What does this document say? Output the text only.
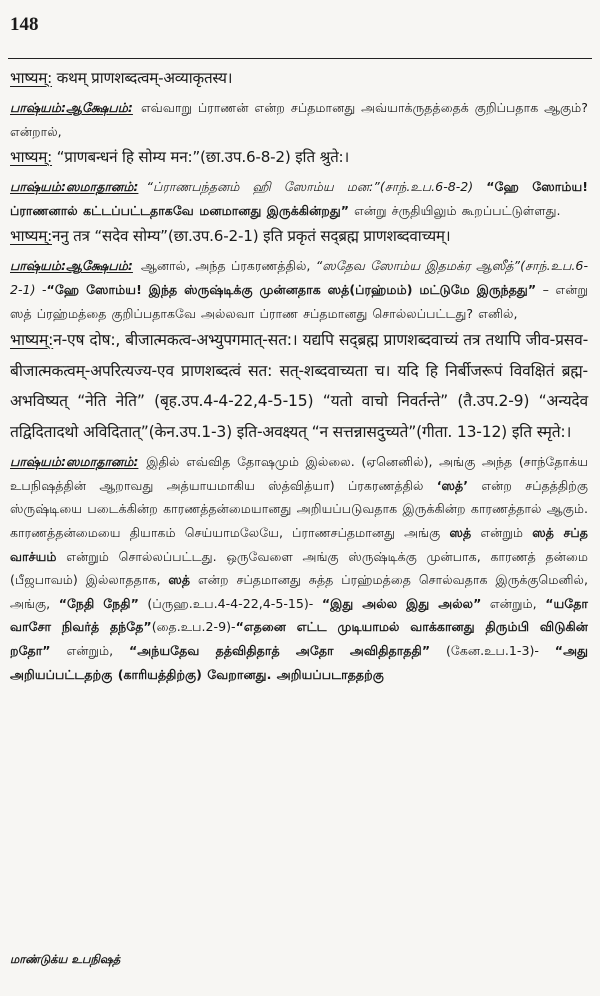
148

भाष्यम्: कथम् प्राणशब्दत्वम्-अव्याकृतस्य।

பாஷ்யம்:ஆக்ஷேபம்: எவ்வாறு ப்ராணன் என்ற சப்தமானது அவ்யாக்ருதத்தைக் குறிப்பதாக ஆகும்? என்றால்,

भाष्यम्: “प्राणबन्धनं हि सोम्य मन:”(छा.उप.6-8-2) इति श्रुते:।

பாஷ்யம்:ஸமாதானம்: “ப்ராணபந்தனம் ஹி ஸோம்ய மன:”(சாந்.உப.6-8-2) “ஹே ஸோம்ய! ப்ராணனால் கட்டப்பட்டதாகவே மனமானது இருக்கின்றது” என்று ச்ருதியிலும் கூறப்பட்டுள்ளது.

भाष्यम्:ननु तत्र “सदेव सोम्य”(छा.उप.6-2-1) इति प्रकृतं सद्ब्रह्म प्राणशब्दवाच्यम्।

பாஷ்யம்:ஆக்ஷேபம்: ஆனால், அந்த ப்ரகரணத்தில், “ஸதேவ ஸோம்ய இதமக்ர ஆஸீத்”(சாந்.உப.6-2-1) -“ஹே ஸோம்ய! இந்த ஸ்ருஷ்டிக்கு முன்னதாக ஸத்(ப்ரஹ்மம்) மட்டுமே இருந்தது” – என்று ஸத் ப்ரஹ்மத்தை குறிப்பதாகவே அல்லவா ப்ராண சப்தமானது சொல்லப்பட்டது? எனில்,

भाष्यम्:न-एष दोष:, बीजात्मकत्व-अभ्युपगमात्-सत:। यद्यपि सद्ब्रह्म प्राणशब्दवाच्यं तत्र तथापि जीव-प्रसव-बीजात्मकत्वम्-अपरित्यज्य-एव प्राणशब्दत्वं सत: सत्-शब्दवाच्यता च। यदि हि निर्बीजरूपं विवक्षितं ब्रह्म-अभविष्यत् “नेति नेति” (बृह.उप.4-4-22,4-5-15) “यतो वाचो निवर्तन्ते” (तै.उप.2-9) “अन्यदेव तद्विदितादथो अविदितात्”(केन.उप.1-3) इति-अवक्ष्यत् “न सत्तन्नासदुच्यते”(गीता. 13-12) इति स्मृते:।

பாஷ்யம்:ஸமாதானம்: இதில் எவ்வித தோஷமும் இல்லை. (ஏனெனில்), அங்கு அந்த (சாந்தோக்ய உபநிஷத்தின் ஆறாவது அத்யாயமாகிய ஸ்த்வித்யா) ப்ரகரணத்தில் ‘ஸத்’ என்ற சப்தத்திற்கு ஸ்ருஷ்டியை படைக்கின்ற காரணத்தன்மையானது அறியப்படுவதாக இருக்கின்ற காரணத்தால் ஆகும். காரணத்தன்மையை தியாகம் செய்யாமலேயே, ப்ராணசப்தமானது அங்கு ஸத் என்றும் ஸத் சப்த வாச்யம் என்றும் சொல்லப்பட்டது. ஒருவேளை அங்கு ஸ்ருஷ்டிக்கு முன்பாக, காரணத் தன்மை (பீஜபாவம்) இல்லாததாக, ஸத் என்ற சப்தமானது சுத்த ப்ரஹ்மத்தை சொல்வதாக இருக்குமெனில், அங்கு, “நேதி நேதி” (ப்ருஹ.உப.4-4-22,4-5-15)- “இது அல்ல இது அல்ல” என்றும், “யதோ வாசோ நிவர்த் தந்தே”(தை.உப.2-9)-“எதனை எட்ட முடியாமல் வாக்கானது திரும்பி விடுகின் றதோ” என்றும், “அந்யதேவ தத்விதிதாத் அதோ அவிதிதாததி” (கேன.உப.1-3)- “அது அறியப்பட்டதற்கு (காரியத்திற்கு) வேறானது. அறியப்படாததற்கு

மாண்டுக்ய உபநிஷத்
